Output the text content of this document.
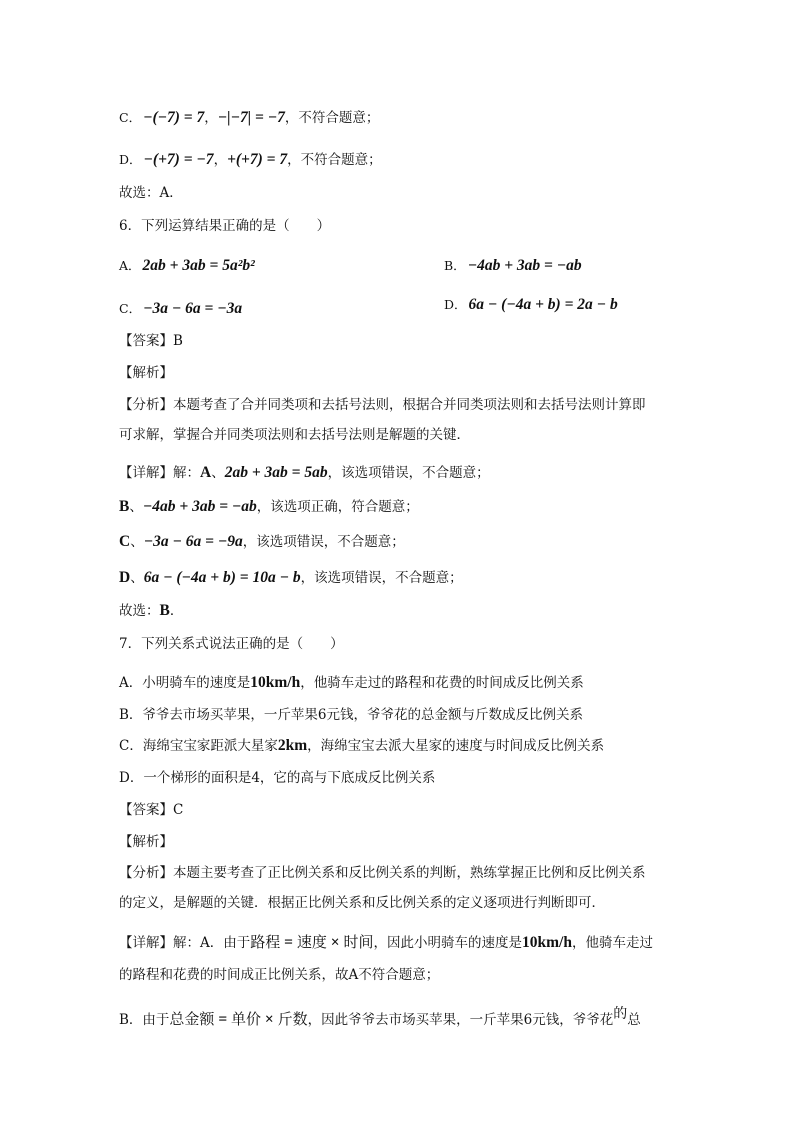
C． −(−7) = 7，−|−7| = −7，不符合题意；
D． −(+7) = −7，+(+7) = 7，不符合题意；
故选：A．
6．下列运算结果正确的是（　　）
A． 2ab + 3ab = 5a²b²	B． −4ab + 3ab = −ab
C． −3a − 6a = −3a	D． 6a − (−4a + b) = 2a − b
【答案】B
【解析】
【分析】本题考查了合并同类项和去括号法则，根据合并同类项法则和去括号法则计算即
可求解，掌握合并同类项法则和去括号法则是解题的关键．
【详解】解：A、2ab + 3ab = 5ab，该选项错误，不合题意；
B、−4ab + 3ab = −ab，该选项正确，符合题意；
C、−3a − 6a = −9a，该选项错误，不合题意；
D、6a − (−4a + b) = 10a − b，该选项错误，不合题意；
故选：B．
7．下列关系式说法正确的是（　　）
A．小明骑车的速度是10km/h，他骑车走过的路程和花费的时间成反比例关系
B．爷爷去市场买苹果，一斤苹果6元钱，爷爷花的总金额与斤数成反比例关系
C．海绵宝宝家距派大星家2km，海绵宝宝去派大星家的速度与时间成反比例关系
D．一个梯形的面积是4，它的高与下底成反比例关系
【答案】C
【解析】
【分析】本题主要考查了正比例关系和反比例关系的判断，熟练掌握正比例和反比例关系
的定义，是解题的关键．根据正比例关系和反比例关系的定义逐项进行判断即可．
【详解】解：A．由于路程 = 速度 × 时间，因此小明骑车的速度是10km/h，他骑车走过
的路程和花费的时间成正比例关系，故A不符合题意；
B．由于总金额 = 单价 × 斤数，因此爷爷去市场买苹果，一斤苹果6元钱，爷爷花的总
